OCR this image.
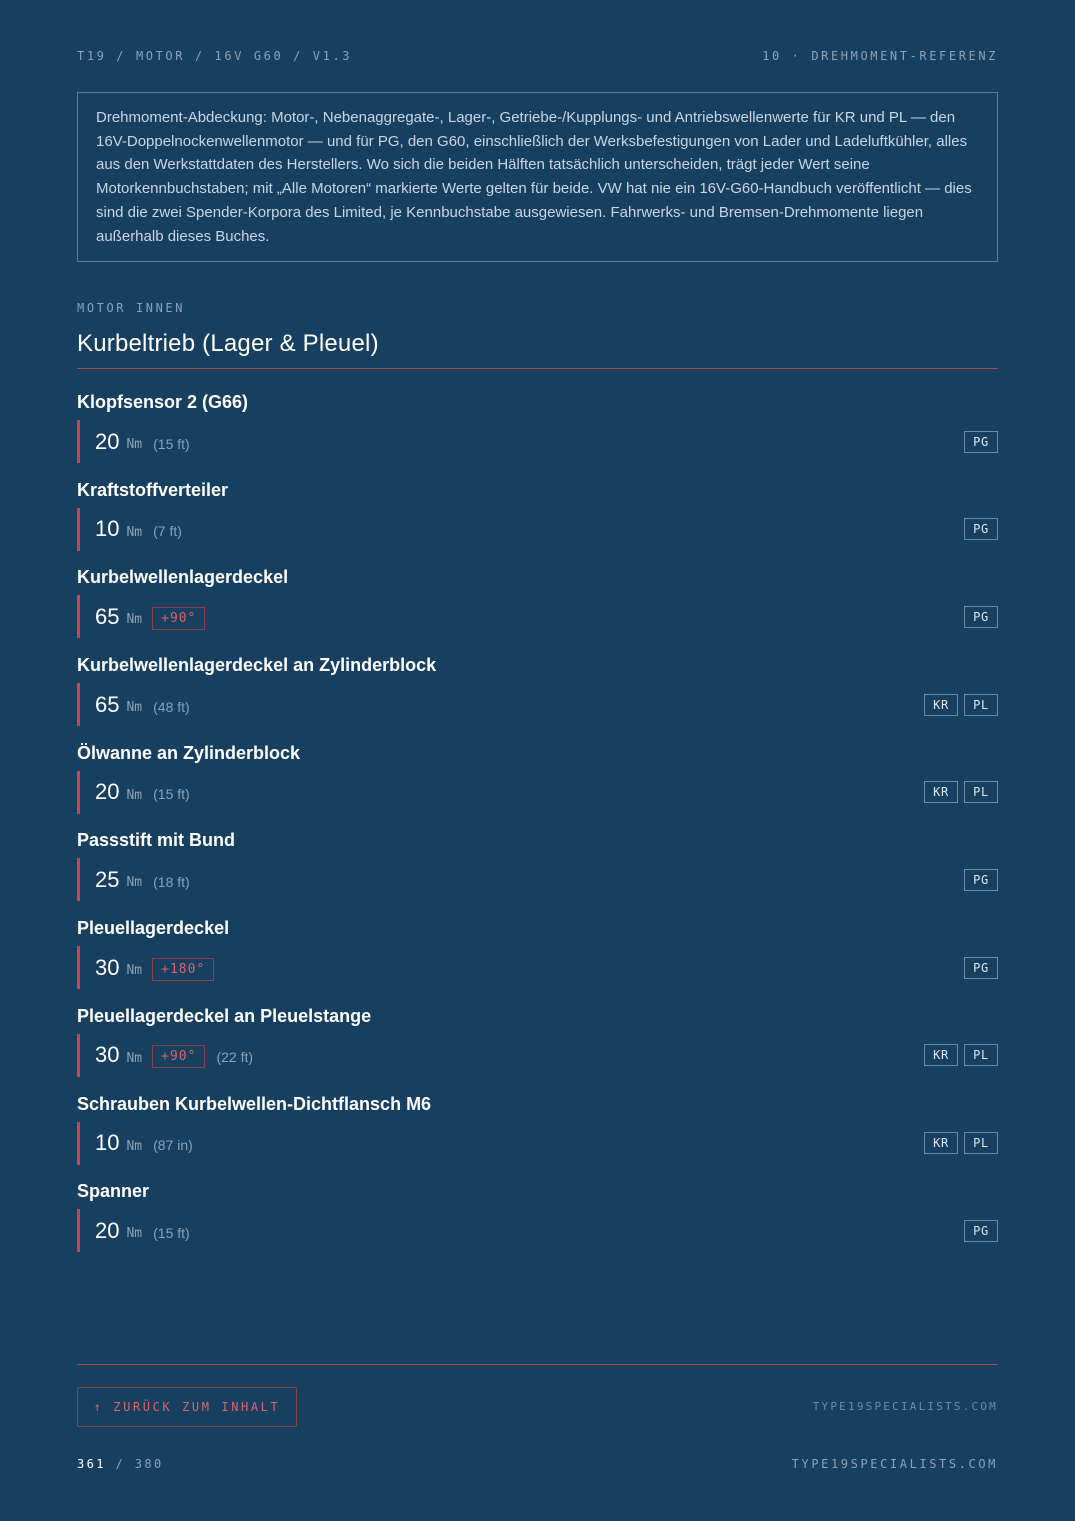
T19 / MOTOR / 16V G60 / V1.3	10 · DREHMOMENT-REFERENZ
Drehmoment-Abdeckung: Motor-, Nebenaggregate-, Lager-, Getriebe-/Kupplungs- und Antriebswellenwerte für KR und PL — den 16V-Doppelnockenwellenmotor — und für PG, den G60, einschließlich der Werksbefestigungen von Lader und Ladeluftkühler, alles aus den Werkstattdaten des Herstellers. Wo sich die beiden Hälften tatsächlich unterscheiden, trägt jeder Wert seine Motorkennbuchstaben; mit „Alle Motoren“ markierte Werte gelten für beide. VW hat nie ein 16V-G60-Handbuch veröffentlicht — dies sind die zwei Spender-Korpora des Limited, je Kennbuchstabe ausgewiesen. Fahrwerks- und Bremsen-Drehmomente liegen außerhalb dieses Buches.
MOTOR INNEN
Kurbeltrieb (Lager & Pleuel)
Klopfsensor 2 (G66)
20 Nm (15 ft)	PG
Kraftstoffverteiler
10 Nm (7 ft)	PG
Kurbelwellenlagerdeckel
65 Nm	+90°	PG
Kurbelwellenlagerdeckel an Zylinderblock
65 Nm (48 ft)	KR	PL
Ölwanne an Zylinderblock
20 Nm (15 ft)	KR	PL
Passstift mit Bund
25 Nm (18 ft)	PG
Pleuellagerdeckel
30 Nm	+180°	PG
Pleuellagerdeckel an Pleuelstange
30 Nm	+90°	(22 ft)	KR	PL
Schrauben Kurbelwellen-Dichtflansch M6
10 Nm (87 in)	KR	PL
Spanner
20 Nm (15 ft)	PG
↑ ZURÜCK ZUM INHALT	TYPE19SPECIALISTS.COM
361 / 380	TYPE19SPECIALISTS.COM
